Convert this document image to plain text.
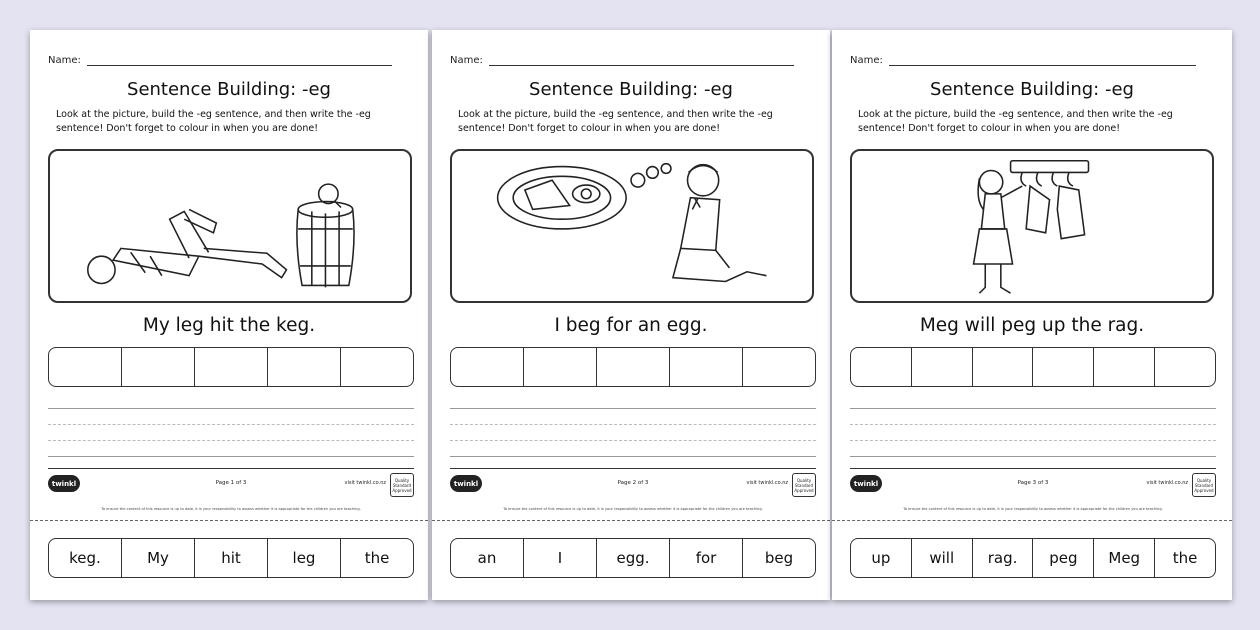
Name:
Sentence Building: -eg
Look at the picture, build the -eg sentence, and then write the -eg sentence! Don't forget to colour in when you are done!
My leg hit the keg.
twinkl	Page 1 of 3	visit twinkl.co.nz	Quality Standard Approved
To ensure the content of this resource is up to date, it is your responsibility to assess whether it is appropriate for the children you are teaching.
keg.	My	hit	leg	the
Name:
Sentence Building: -eg
Look at the picture, build the -eg sentence, and then write the -eg sentence! Don't forget to colour in when you are done!
I beg for an egg.
twinkl	Page 2 of 3	visit twinkl.co.nz	Quality Standard Approved
To ensure the content of this resource is up to date, it is your responsibility to assess whether it is appropriate for the children you are teaching.
an	I	egg.	for	beg
Name:
Sentence Building: -eg
Look at the picture, build the -eg sentence, and then write the -eg sentence! Don't forget to colour in when you are done!
Meg will peg up the rag.
twinkl	Page 3 of 3	visit twinkl.co.nz	Quality Standard Approved
To ensure the content of this resource is up to date, it is your responsibility to assess whether it is appropriate for the children you are teaching.
up	will	rag.	peg	Meg	the
